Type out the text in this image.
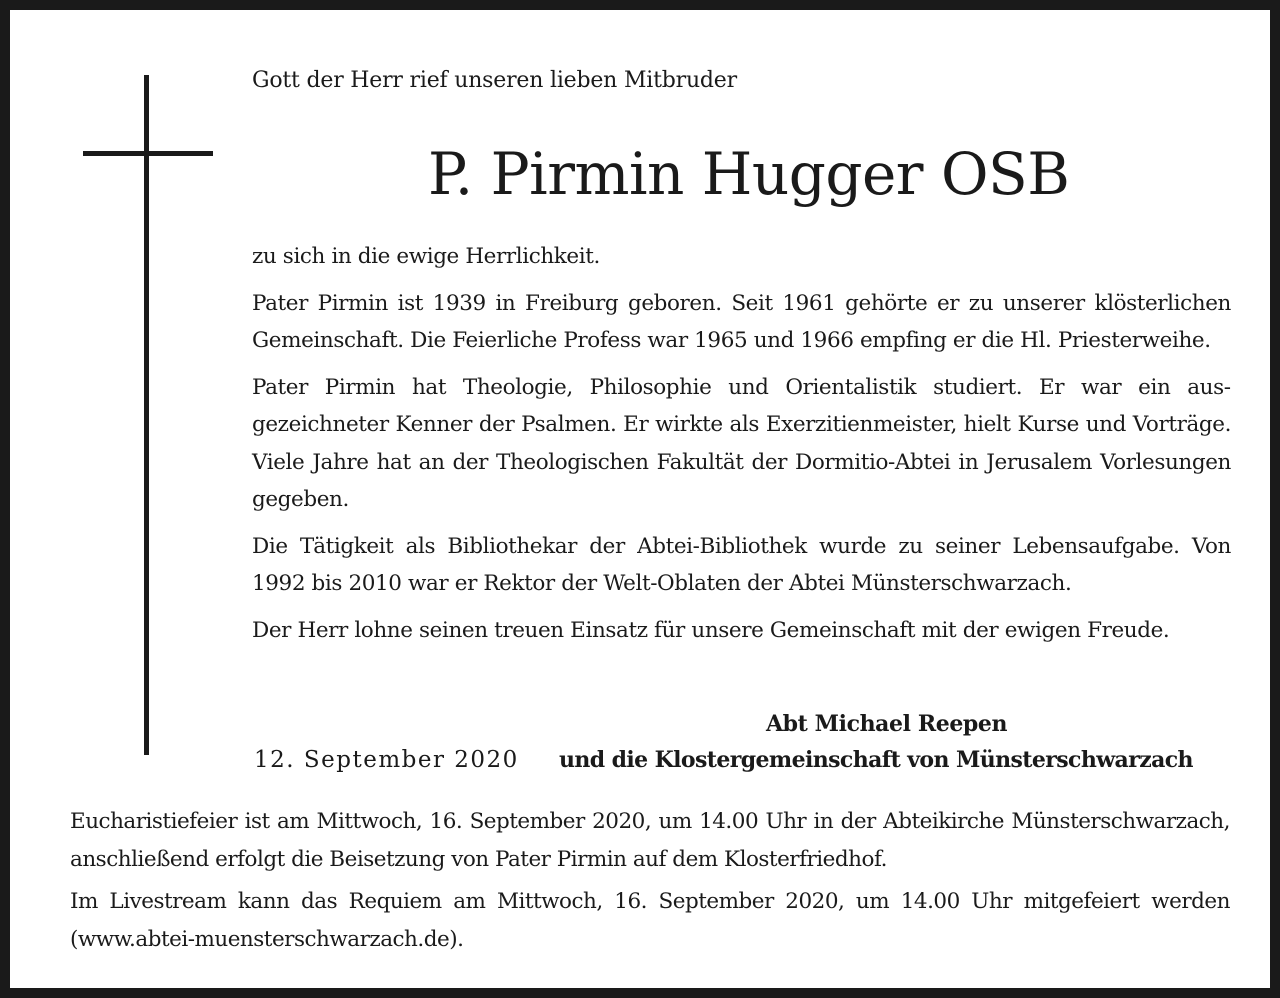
Gott der Herr rief unseren lieben Mitbruder
P. Pirmin Hugger OSB

zu sich in die ewige Herrlichkeit.

Pater Pirmin ist 1939 in Freiburg geboren. Seit 1961 gehörte er zu unserer klösterlichen Gemeinschaft. Die Feierliche Profess war 1965 und 1966 empfing er die Hl. Priesterweihe.

Pater Pirmin hat Theologie, Philosophie und Orientalistik studiert. Er war ein ausgezeichneter Kenner der Psalmen. Er wirkte als Exerzitienmeister, hielt Kurse und Vorträge. Viele Jahre hat an der Theologischen Fakultät der Dormitio-Abtei in Jerusalem Vorlesungen gegeben.

Die Tätigkeit als Bibliothekar der Abtei-Bibliothek wurde zu seiner Lebensaufgabe. Von 1992 bis 2010 war er Rektor der Welt-Oblaten der Abtei Münsterschwarzach.

Der Herr lohne seinen treuen Einsatz für unsere Gemeinschaft mit der ewigen Freude.

Abt Michael Reepen
12. September 2020 und die Klostergemeinschaft von Münsterschwarzach

Eucharistiefeier ist am Mittwoch, 16. September 2020, um 14.00 Uhr in der Abteikirche Münsterschwarzach, anschließend erfolgt die Beisetzung von Pater Pirmin auf dem Klosterfriedhof.

Im Livestream kann das Requiem am Mittwoch, 16. September 2020, um 14.00 Uhr mitgefeiert werden (www.abtei-muensterschwarzach.de).
